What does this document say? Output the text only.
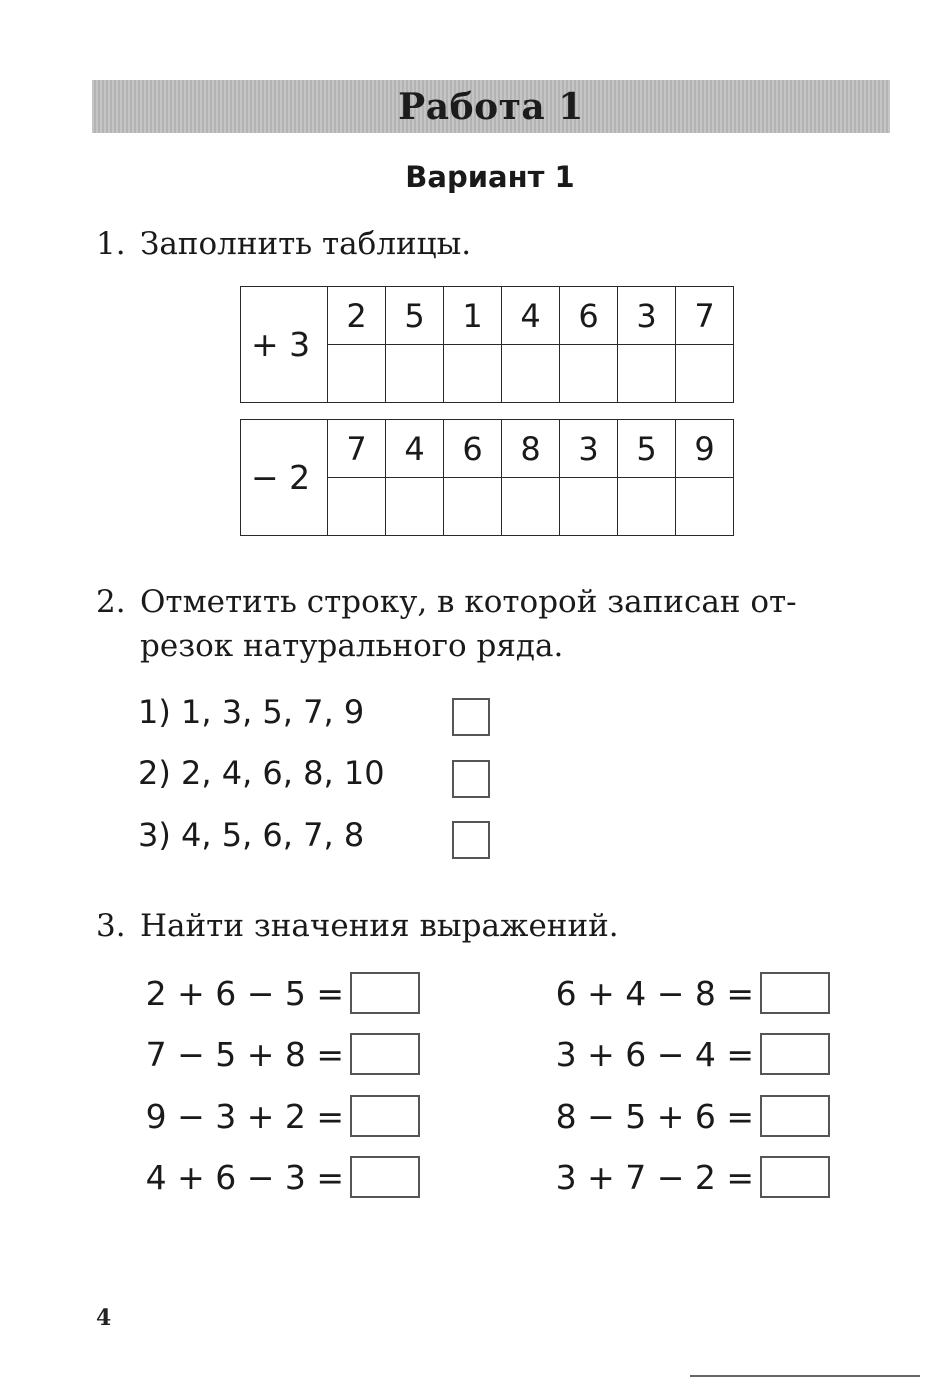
Работа 1
Вариант 1
1. Заполнить таблицы.
+ 3	2	5	1	4	6	3	7

− 2	7	4	6	8	3	5	9

2. Отметить строку, в которой записан от-
резок натурального ряда.
1) 1, 3, 5, 7, 9
2) 2, 4, 6, 8, 10
3) 4, 5, 6, 7, 8
3. Найти значения выражений.
2 + 6 − 5 =
7 − 5 + 8 =
9 − 3 + 2 =
4 + 6 − 3 =
6 + 4 − 8 =
3 + 6 − 4 =
8 − 5 + 6 =
3 + 7 − 2 =
4
